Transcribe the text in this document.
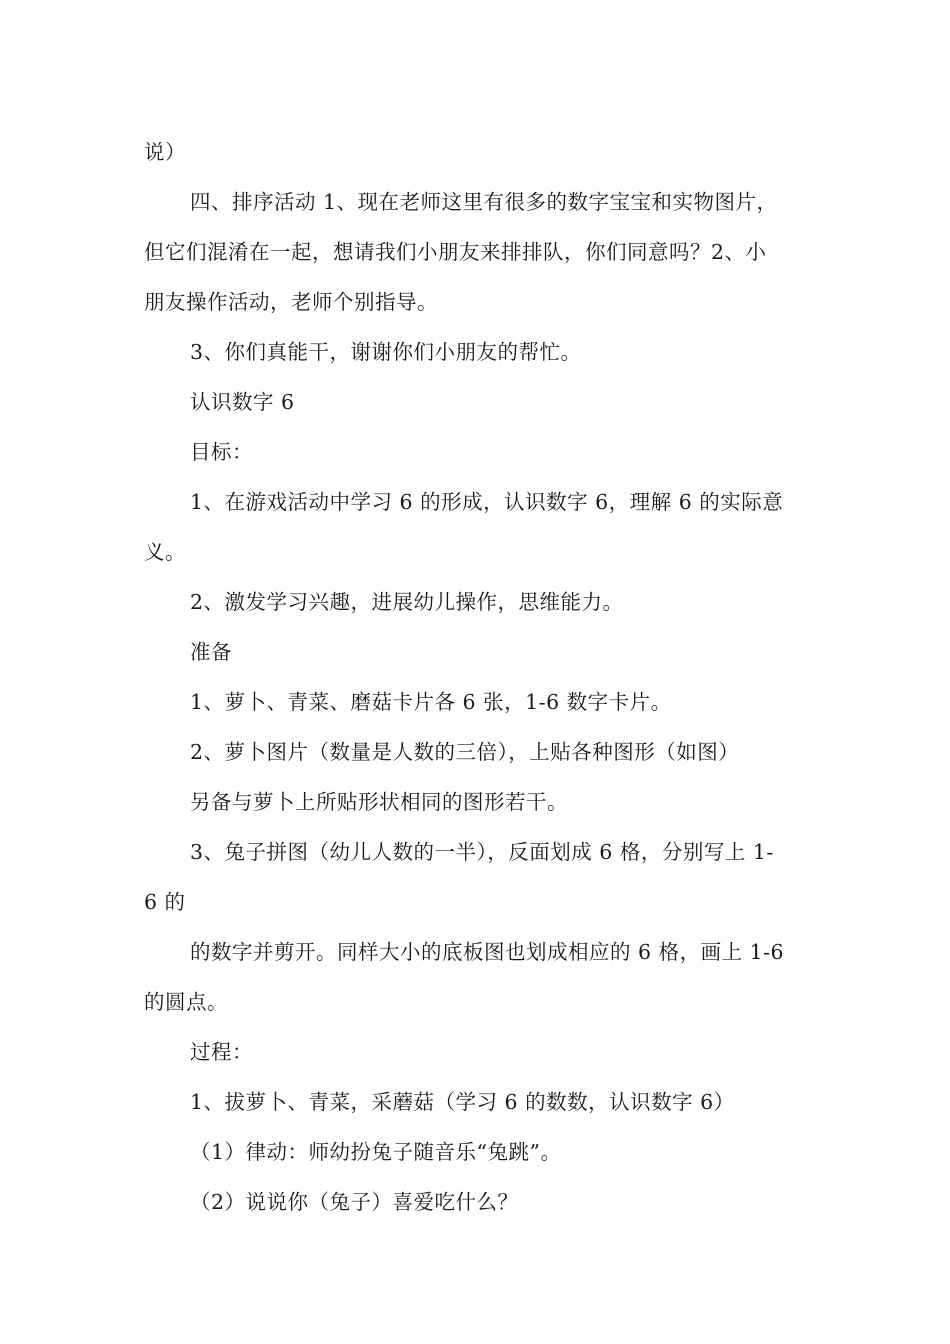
说）
四、排序活动 1、现在老师这里有很多的数字宝宝和实物图片，
但它们混淆在一起，想请我们小朋友来排排队，你们同意吗？2、小
朋友操作活动，老师个别指导。
3、你们真能干，谢谢你们小朋友的帮忙。
认识数字 6
目标：
1、在游戏活动中学习 6 的形成，认识数字 6，理解 6 的实际意
义。
2、激发学习兴趣，进展幼儿操作，思维能力。
准备
1、萝卜、青菜、磨菇卡片各 6 张，1-6 数字卡片。
2、萝卜图片（数量是人数的三倍），上贴各种图形（如图）
另备与萝卜上所贴形状相同的图形若干。
3、兔子拼图（幼儿人数的一半），反面划成 6 格，分别写上 1-
6 的
的数字并剪开。同样大小的底板图也划成相应的 6 格，画上 1-6
的圆点。
过程：
1、拔萝卜、青菜，采蘑菇（学习 6 的数数，认识数字 6）
（1）律动：师幼扮兔子随音乐“兔跳”。
（2）说说你（兔子）喜爱吃什么？
